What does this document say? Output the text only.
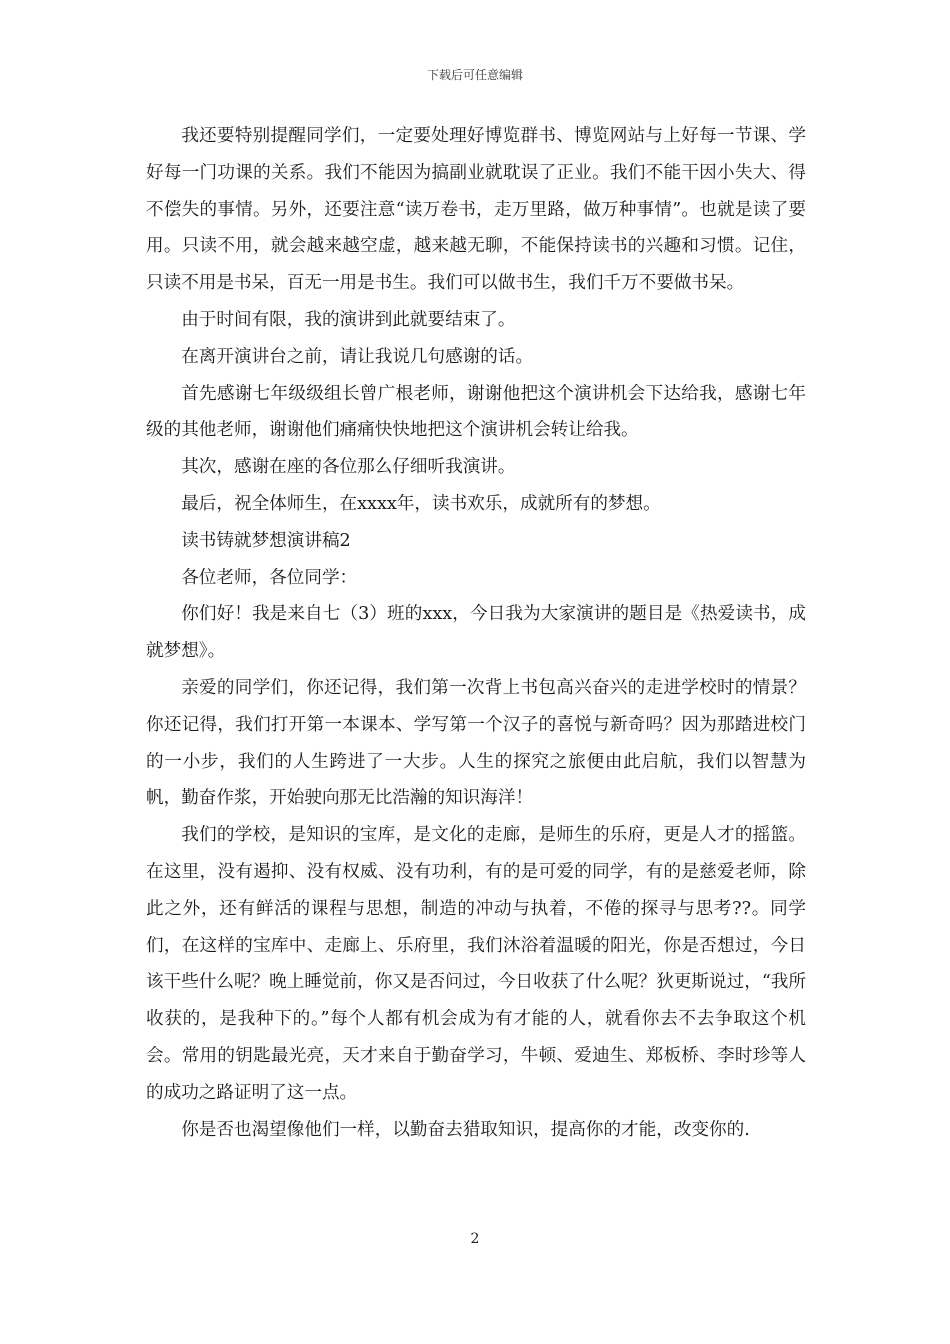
下载后可任意编辑

我还要特别提醒同学们，一定要处理好博览群书、博览网站与上好每一节课、学好每一门功课的关系。我们不能因为搞副业就耽误了正业。我们不能干因小失大、得不偿失的事情。另外，还要注意“读万卷书，走万里路，做万种事情”。也就是读了要用。只读不用，就会越来越空虚，越来越无聊，不能保持读书的兴趣和习惯。记住，只读不用是书呆，百无一用是书生。我们可以做书生，我们千万不要做书呆。

由于时间有限，我的演讲到此就要结束了。

在离开演讲台之前，请让我说几句感谢的话。

首先感谢七年级级组长曾广根老师，谢谢他把这个演讲机会下达给我，感谢七年级的其他老师，谢谢他们痛痛快快地把这个演讲机会转让给我。

其次，感谢在座的各位那么仔细听我演讲。

最后，祝全体师生，在xxxx年，读书欢乐，成就所有的梦想。

读书铸就梦想演讲稿2

各位老师，各位同学：

你们好！我是来自七（3）班的xxx，今日我为大家演讲的题目是《热爱读书，成就梦想》。

亲爱的同学们，你还记得，我们第一次背上书包高兴奋兴的走进学校时的情景？你还记得，我们打开第一本课本、学写第一个汉子的喜悦与新奇吗？因为那踏进校门的一小步，我们的人生跨进了一大步。人生的探究之旅便由此启航，我们以智慧为帆，勤奋作浆，开始驶向那无比浩瀚的知识海洋！

我们的学校，是知识的宝库，是文化的走廊，是师生的乐府，更是人才的摇篮。在这里，没有遏抑、没有权威、没有功利，有的是可爱的同学，有的是慈爱老师，除此之外，还有鲜活的课程与思想，制造的冲动与执着，不倦的探寻与思考??。同学们，在这样的宝库中、走廊上、乐府里，我们沐浴着温暖的阳光，你是否想过，今日该干些什么呢？晚上睡觉前，你又是否问过，今日收获了什么呢？狄更斯说过，“我所收获的，是我种下的。”每个人都有机会成为有才能的人，就看你去不去争取这个机会。常用的钥匙最光亮，天才来自于勤奋学习，牛顿、爱迪生、郑板桥、李时珍等人的成功之路证明了这一点。

你是否也渴望像他们一样，以勤奋去猎取知识，提高你的才能，改变你的.

2
